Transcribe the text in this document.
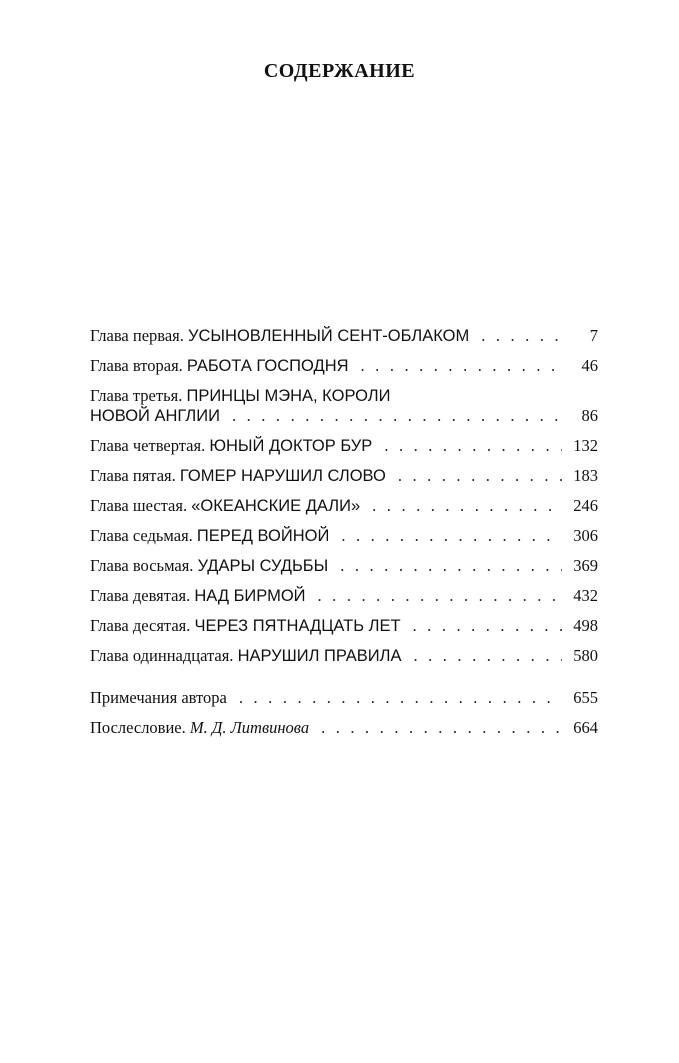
СОДЕРЖАНИЕ
Глава первая. УСЫНОВЛЕННЫЙ СЕНТ-ОБЛАКОМ . . .	7
Глава вторая. РАБОТА ГОСПОДНЯ . . .	46
Глава третья. ПРИНЦЫ МЭНА, КОРОЛИ
НОВОЙ АНГЛИИ . . .	86
Глава четвертая. ЮНЫЙ ДОКТОР БУР . . .	132
Глава пятая. ГОМЕР НАРУШИЛ СЛОВО . . .	183
Глава шестая. «ОКЕАНСКИЕ ДАЛИ» . . .	246
Глава седьмая. ПЕРЕД ВОЙНОЙ . . .	306
Глава восьмая. УДАРЫ СУДЬБЫ . . .	369
Глава девятая. НАД БИРМОЙ . . .	432
Глава десятая. ЧЕРЕЗ ПЯТНАДЦАТЬ ЛЕТ . . .	498
Глава одиннадцатая. НАРУШИЛ ПРАВИЛА . . .	580
Примечания автора . . .	655
Послесловие. М. Д. Литвинова . . .	664
